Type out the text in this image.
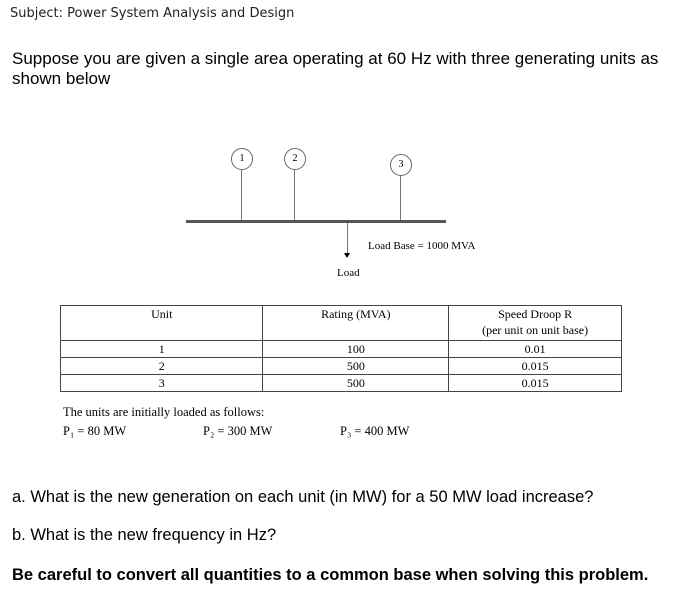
Subject: Power System Analysis and Design
Suppose you are given a single area operating at 60 Hz with three generating units as shown below
1	2
3
Load Base = 1000 MVA
Load
Unit	Rating (MVA)	Speed Droop R
(per unit on unit base)

1	100	0.01
2	500	0.015
3	500	0.015
The units are initially loaded as follows:
P₁ = 80 MW	P₂ = 300 MW	P₃ = 400 MW
a. What is the new generation on each unit (in MW) for a 50 MW load increase?
b. What is the new frequency in Hz?
Be careful to convert all quantities to a common base when solving this problem.
